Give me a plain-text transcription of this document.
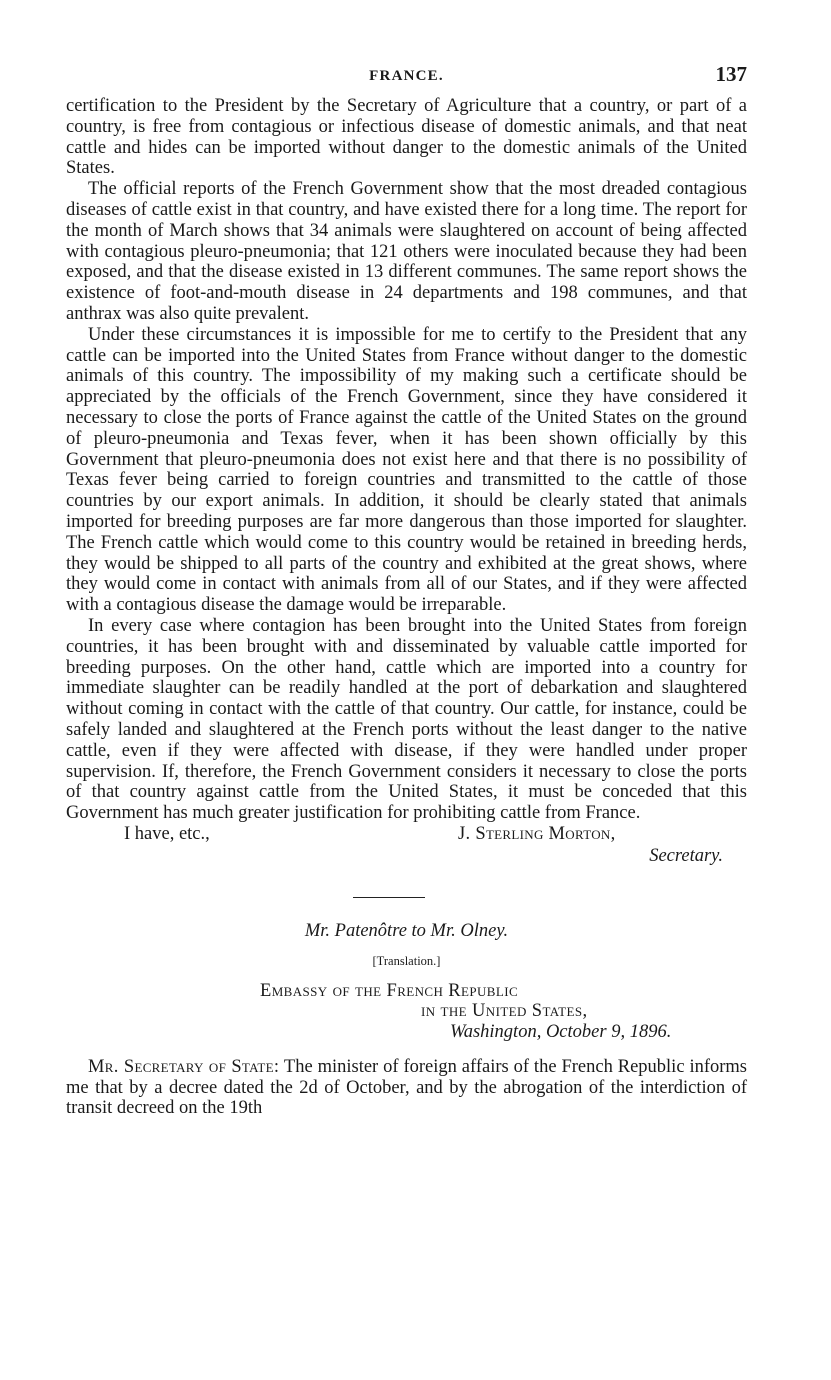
FRANCE.	137

certification to the President by the Secretary of Agriculture that a country, or part of a country, is free from contagious or infectious disease of domestic animals, and that neat cattle and hides can be imported without danger to the domestic animals of the United States.

The official reports of the French Government show that the most dreaded contagious diseases of cattle exist in that country, and have existed there for a long time. The report for the month of March shows that 34 animals were slaughtered on account of being affected with contagious pleuro-pneumonia; that 121 others were inoculated because they had been exposed, and that the disease existed in 13 different communes. The same report shows the existence of foot-and-mouth disease in 24 departments and 198 communes, and that anthrax was also quite prevalent.

Under these circumstances it is impossible for me to certify to the President that any cattle can be imported into the United States from France without danger to the domestic animals of this country. The impossibility of my making such a certificate should be appreciated by the officials of the French Government, since they have considered it necessary to close the ports of France against the cattle of the United States on the ground of pleuro-pneumonia and Texas fever, when it has been shown officially by this Government that pleuro-pneumonia does not exist here and that there is no possibility of Texas fever being carried to foreign countries and transmitted to the cattle of those countries by our export animals. In addition, it should be clearly stated that animals imported for breeding purposes are far more dangerous than those imported for slaughter. The French cattle which would come to this country would be retained in breeding herds, they would be shipped to all parts of the country and exhibited at the great shows, where they would come in contact with animals from all of our States, and if they were affected with a contagious disease the damage would be irreparable.

In every case where contagion has been brought into the United States from foreign countries, it has been brought with and disseminated by valuable cattle imported for breeding purposes. On the other hand, cattle which are imported into a country for immediate slaughter can be readily handled at the port of debarkation and slaughtered without coming in contact with the cattle of that country. Our cattle, for instance, could be safely landed and slaughtered at the French ports without the least danger to the native cattle, even if they were affected with disease, if they were handled under proper supervision. If, therefore, the French Government considers it necessary to close the ports of that country against cattle from the United States, it must be conceded that this Government has much greater justification for prohibiting cattle from France.

I have, etc.,	J. Sterling Morton,
Secretary.
Mr. Patenôtre to Mr. Olney.
[Translation.]
Embassy of the French Republic
in the United States,
Washington, October 9, 1896.

Mr. Secretary of State: The minister of foreign affairs of the French Republic informs me that by a decree dated the 2d of October, and by the abrogation of the interdiction of transit decreed on the 19th
